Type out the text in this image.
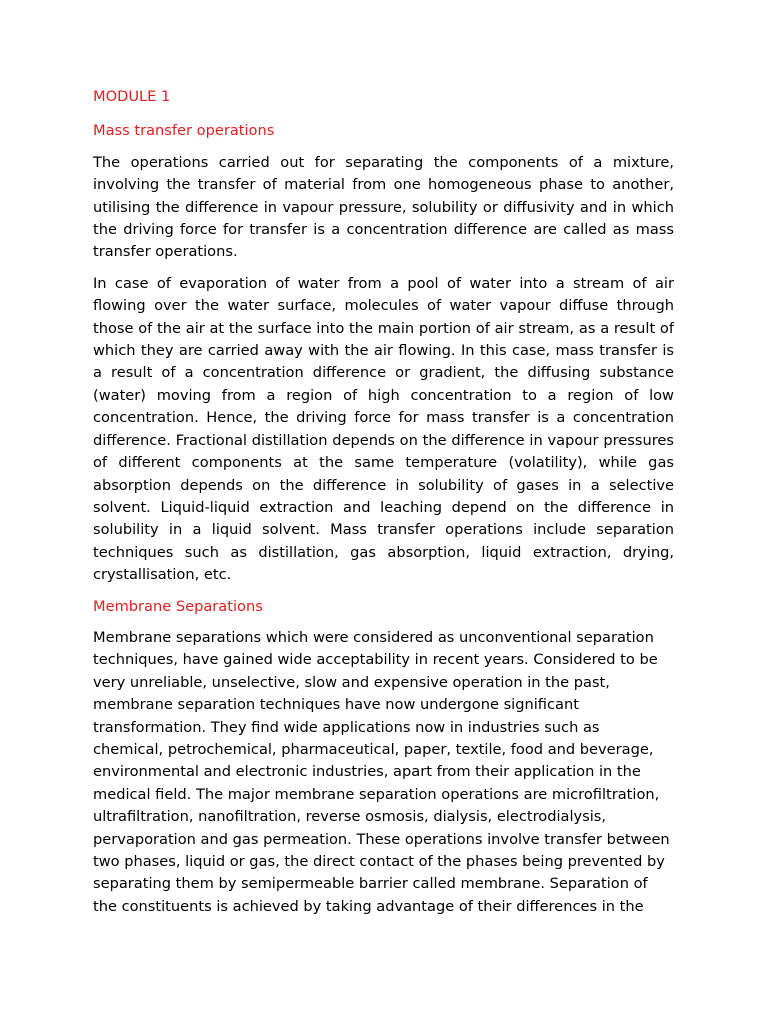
MODULE 1
Mass transfer operations

The operations carried out for separating the components of a mixture, involving the transfer of material from one homogeneous phase to another, utilising the difference in vapour pressure, solubility or diffusivity and in which the driving force for transfer is a concentration difference are called as mass transfer operations.

In case of evaporation of water from a pool of water into a stream of air flowing over the water surface, molecules of water vapour diffuse through those of the air at the surface into the main portion of air stream, as a result of which they are carried away with the air flowing. In this case, mass transfer is a result of a concentration difference or gradient, the diffusing substance (water) moving from a region of high concentration to a region of low concentration. Hence, the driving force for mass transfer is a concentration difference. Fractional distillation depends on the difference in vapour pressures of different components at the same temperature (volatility), while gas absorption depends on the difference in solubility of gases in a selective solvent. Liquid-liquid extraction and leaching depend on the difference in solubility in a liquid solvent. Mass transfer operations include separation techniques such as distillation, gas absorption, liquid extraction, drying, crystallisation, etc.

Membrane Separations

Membrane separations which were considered as unconventional separation techniques, have gained wide acceptability in recent years. Considered to be very unreliable, unselective, slow and expensive operation in the past, membrane separation techniques have now undergone significant transformation. They find wide applications now in industries such as chemical, petrochemical, pharmaceutical, paper, textile, food and beverage, environmental and electronic industries, apart from their application in the medical field. The major membrane separation operations are microfiltration, ultrafiltration, nanofiltration, reverse osmosis, dialysis, electrodialysis, pervaporation and gas permeation. These operations involve transfer between two phases, liquid or gas, the direct contact of the phases being prevented by separating them by semipermeable barrier called membrane. Separation of the constituents is achieved by taking advantage of their differences in the
